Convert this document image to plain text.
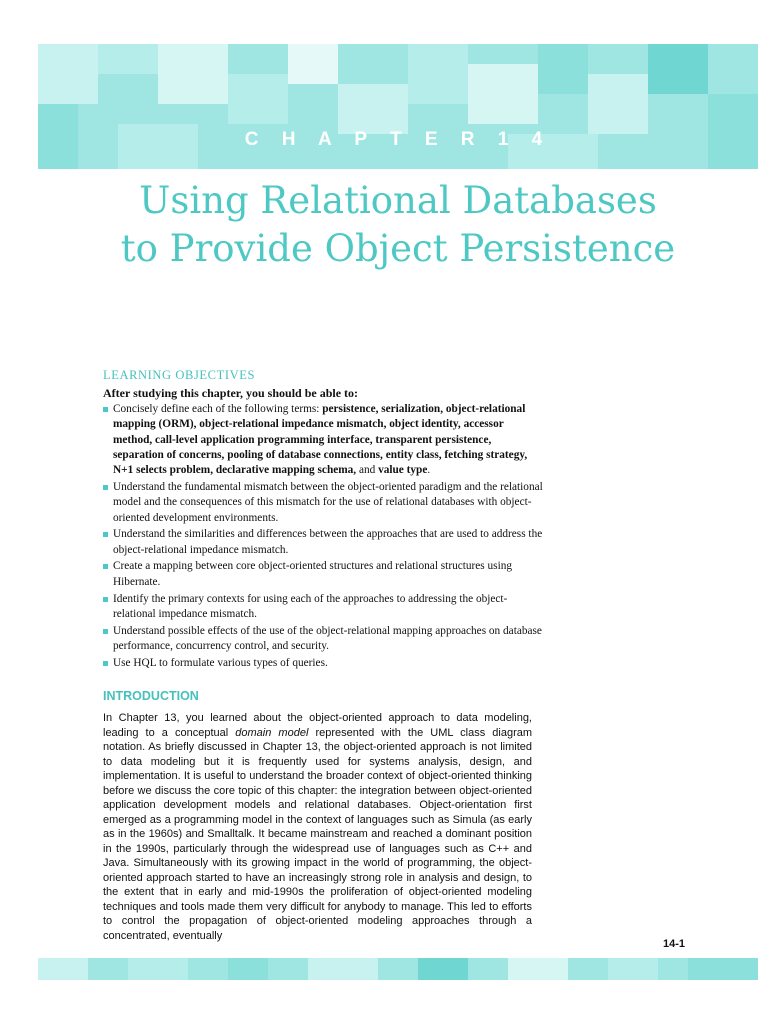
C H A P T E R 1 4
Using Relational Databases
to Provide Object Persistence
LEARNING OBJECTIVES

After studying this chapter, you should be able to:

Concisely define each of the following terms: persistence, serialization, object-relational mapping (ORM), object-relational impedance mismatch, object identity, accessor method, call-level application programming interface, transparent persistence, separation of concerns, pooling of database connections, entity class, fetching strategy, N+1 selects problem, declarative mapping schema, and value type.
Understand the fundamental mismatch between the object-oriented paradigm and the relational model and the consequences of this mismatch for the use of relational databases with object-oriented development environments.
Understand the similarities and differences between the approaches that are used to address the object-relational impedance mismatch.
Create a mapping between core object-oriented structures and relational structures using Hibernate.
Identify the primary contexts for using each of the approaches to addressing the object-relational impedance mismatch.
Understand possible effects of the use of the object-relational mapping approaches on database performance, concurrency control, and security.
Use HQL to formulate various types of queries.
INTRODUCTION

In Chapter 13, you learned about the object-oriented approach to data modeling, leading to a conceptual domain model represented with the UML class diagram notation. As briefly discussed in Chapter 13, the object-oriented approach is not limited to data modeling but it is frequently used for systems analysis, design, and implementation. It is useful to understand the broader context of object-oriented thinking before we discuss the core topic of this chapter: the integration between object-oriented application development models and relational databases. Object-orientation first emerged as a programming model in the context of languages such as Simula (as early as in the 1960s) and Smalltalk. It became mainstream and reached a dominant position in the 1990s, particularly through the widespread use of languages such as C++ and Java. Simultaneously with its growing impact in the world of programming, the object-oriented approach started to have an increasingly strong role in analysis and design, to the extent that in early and mid-1990s the proliferation of object-oriented modeling techniques and tools made them very difficult for anybody to manage. This led to efforts to control the propagation of object-oriented modeling approaches through a concentrated, eventually

14-1
